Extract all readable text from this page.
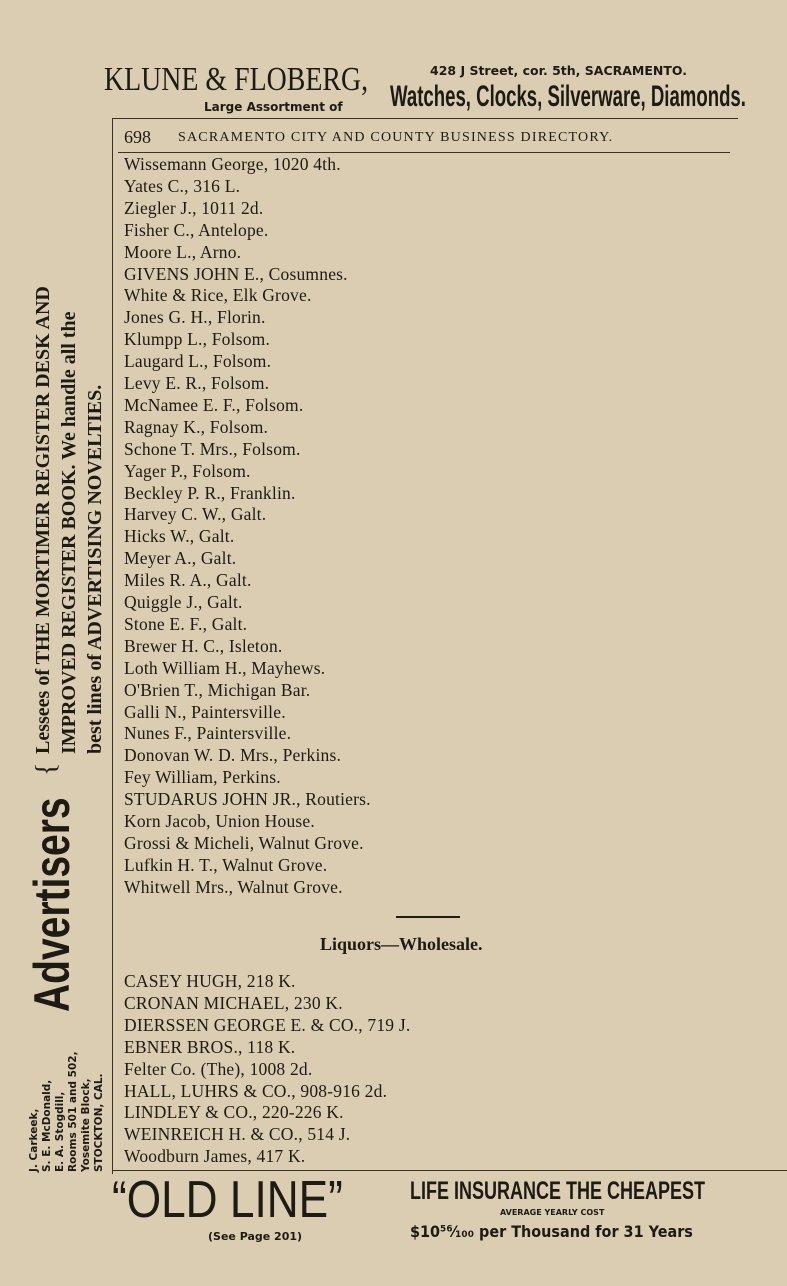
KLUNE & FLOBERG,
Large Assortment of
428 J Street, cor. 5th, SACRAMENTO.
Watches, Clocks, Silverware, Diamonds.
698 SACRAMENTO CITY AND COUNTY BUSINESS DIRECTORY.
Wissemann George, 1020 4th.
Yates C., 316 L.
Ziegler J., 1011 2d.
Fisher C., Antelope.
Moore L., Arno.
GIVENS JOHN E., Cosumnes.
White & Rice, Elk Grove.
Jones G. H., Florin.
Klumpp L., Folsom.
Laugard L., Folsom.
Levy E. R., Folsom.
McNamee E. F., Folsom.
Ragnay K., Folsom.
Schone T. Mrs., Folsom.
Yager P., Folsom.
Beckley P. R., Franklin.
Harvey C. W., Galt.
Hicks W., Galt.
Meyer A., Galt.
Miles R. A., Galt.
Quiggle J., Galt.
Stone E. F., Galt.
Brewer H. C., Isleton.
Loth William H., Mayhews.
O'Brien T., Michigan Bar.
Galli N., Paintersville.
Nunes F., Paintersville.
Donovan W. D. Mrs., Perkins.
Fey William, Perkins.
STUDARUS JOHN JR., Routiers.
Korn Jacob, Union House.
Grossi & Micheli, Walnut Grove.
Lufkin H. T., Walnut Grove.
Whitwell Mrs., Walnut Grove.
Liquors—Wholesale.
CASEY HUGH, 218 K.
CRONAN MICHAEL, 230 K.
DIERSSEN GEORGE E. & CO., 719 J.
EBNER BROS., 118 K.
Felter Co. (The), 1008 2d.
HALL, LUHRS & CO., 908-916 2d.
LINDLEY & CO., 220-226 K.
WEINREICH H. & CO., 514 J.
Woodburn James, 417 K.
Advertisers
{
Lessees of THE MORTIMER REGISTER DESK AND IMPROVED REGISTER BOOK. We handle all the best lines of ADVERTISING NOVELTIES.
J. Carkeek, S. E. McDonald, E. A. Stogdill, Rooms 501 and 502, Yosemite Block, STOCKTON, CAL.
“OLD LINE”
(See Page 201)
LIFE INSURANCE THE CHEAPEST
AVERAGE YEARLY COST
$10⁵⁶⁄₁₀₀ per Thousand for 31 Years
